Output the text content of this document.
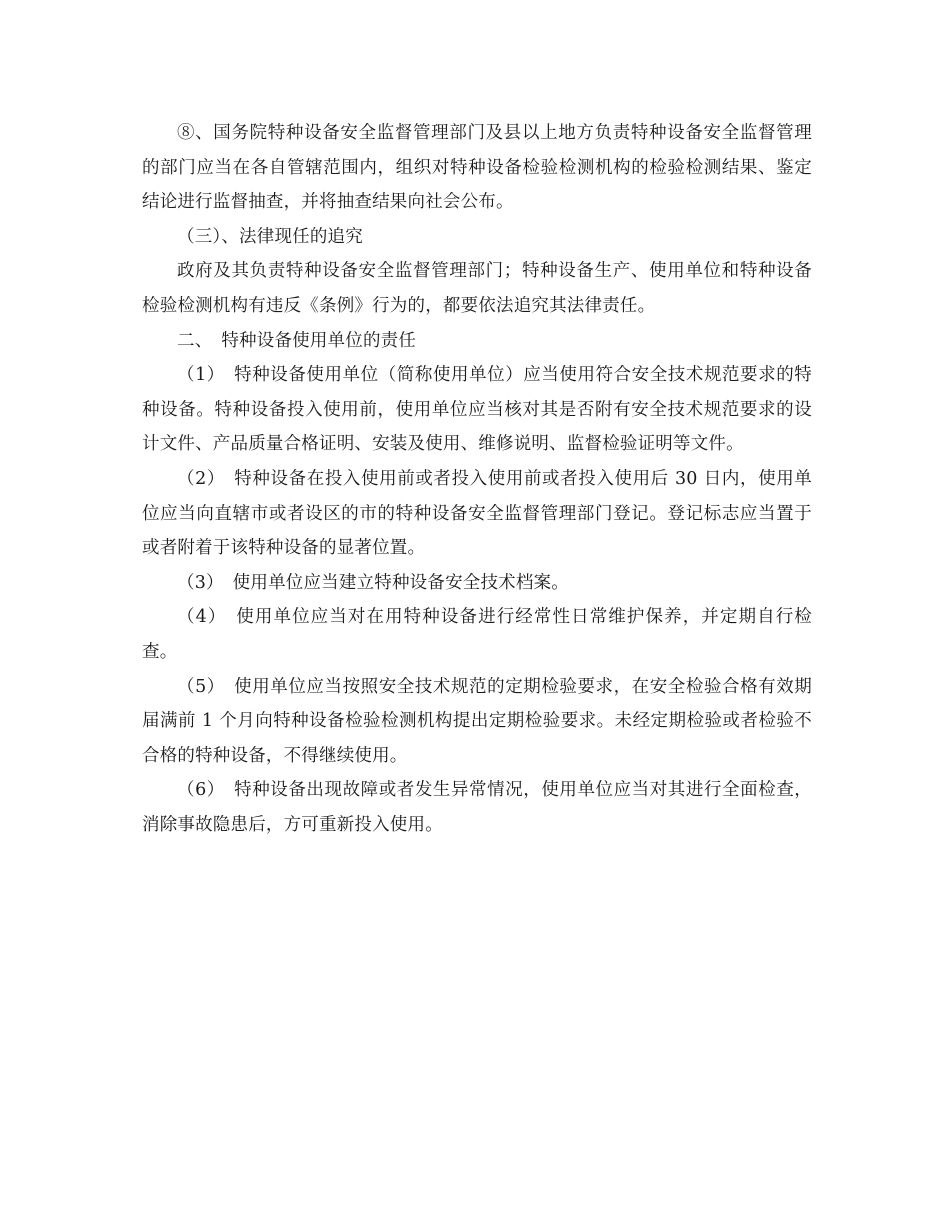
⑧、国务院特种设备安全监督管理部门及县以上地方负责特种设备安全监督管理的部门应当在各自管辖范围内，组织对特种设备检验检测机构的检验检测结果、鉴定结论进行监督抽查，并将抽查结果向社会公布。

（三）、法律现任的追究

政府及其负责特种设备安全监督管理部门；特种设备生产、使用单位和特种设备检验检测机构有违反《条例》行为的，都要依法追究其法律责任。

二、　特种设备使用单位的责任

（1）　特种设备使用单位（简称使用单位）应当使用符合安全技术规范要求的特种设备。特种设备投入使用前，使用单位应当核对其是否附有安全技术规范要求的设计文件、产品质量合格证明、安装及使用、维修说明、监督检验证明等文件。

（2）　特种设备在投入使用前或者投入使用前或者投入使用后 30 日内，使用单位应当向直辖市或者设区的市的特种设备安全监督管理部门登记。登记标志应当置于或者附着于该特种设备的显著位置。

（3）　使用单位应当建立特种设备安全技术档案。

（4）　使用单位应当对在用特种设备进行经常性日常维护保养，并定期自行检查。

（5）　使用单位应当按照安全技术规范的定期检验要求，在安全检验合格有效期届满前 1 个月向特种设备检验检测机构提出定期检验要求。未经定期检验或者检验不合格的特种设备，不得继续使用。

（6）　特种设备出现故障或者发生异常情况，使用单位应当对其进行全面检查，消除事故隐患后，方可重新投入使用。
